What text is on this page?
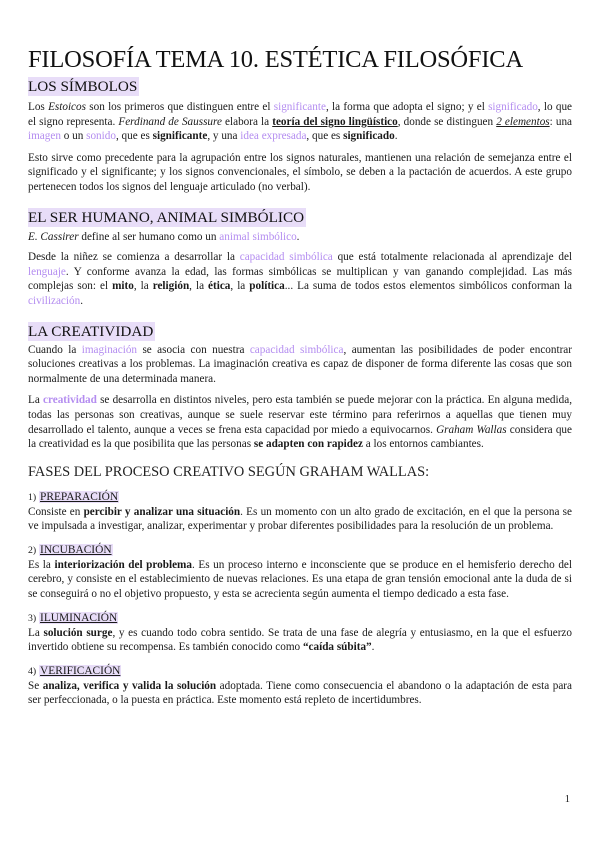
FILOSOFÍA TEMA 10. ESTÉTICA FILOSÓFICA
LOS SÍMBOLOS

Los Estoicos son los primeros que distinguen entre el significante, la forma que adopta el signo; y el significado, lo que el signo representa. Ferdinand de Saussure elabora la teoría del signo lingüístico, donde se distinguen 2 elementos: una imagen o un sonido, que es significante, y una idea expresada, que es significado.

Esto sirve como precedente para la agrupación entre los signos naturales, mantienen una relación de semejanza entre el significado y el significante; y los signos convencionales, el símbolo, se deben a la pactación de acuerdos. A este grupo pertenecen todos los signos del lenguaje articulado (no verbal).

EL SER HUMANO, ANIMAL SIMBÓLICO

E. Cassirer define al ser humano como un animal simbólico.

Desde la niñez se comienza a desarrollar la capacidad simbólica que está totalmente relacionada al aprendizaje del lenguaje. Y conforme avanza la edad, las formas simbólicas se multiplican y van ganando complejidad. Las más complejas son: el mito, la religión, la ética, la política... La suma de todos estos elementos simbólicos conforman la civilización.

LA CREATIVIDAD

Cuando la imaginación se asocia con nuestra capacidad simbólica, aumentan las posibilidades de poder encontrar soluciones creativas a los problemas. La imaginación creativa es capaz de disponer de forma diferente las cosas que son normalmente de una determinada manera.

La creatividad se desarrolla en distintos niveles, pero esta también se puede mejorar con la práctica. En alguna medida, todas las personas son creativas, aunque se suele reservar este término para referirnos a aquellas que tienen muy desarrollado el talento, aunque a veces se frena esta capacidad por miedo a equivocarnos. Graham Wallas considera que la creatividad es la que posibilita que las personas se adapten con rapidez a los entornos cambiantes.

FASES DEL PROCESO CREATIVO SEGÚN GRAHAM WALLAS:
1) PREPARACIÓN

Consiste en percibir y analizar una situación. Es un momento con un alto grado de excitación, en el que la persona se ve impulsada a investigar, analizar, experimentar y probar diferentes posibilidades para la resolución de un problema.

2) INCUBACIÓN

Es la interiorización del problema. Es un proceso interno e inconsciente que se produce en el hemisferio derecho del cerebro, y consiste en el establecimiento de nuevas relaciones. Es una etapa de gran tensión emocional ante la duda de si se conseguirá o no el objetivo propuesto, y esta se acrecienta según aumenta el tiempo dedicado a esta fase.

3) ILUMINACIÓN

La solución surge, y es cuando todo cobra sentido. Se trata de una fase de alegría y entusiasmo, en la que el esfuerzo invertido obtiene su recompensa. Es también conocido como “caída súbita”.

4) VERIFICACIÓN

Se analiza, verifica y valida la solución adoptada. Tiene como consecuencia el abandono o la adaptación de esta para ser perfeccionada, o la puesta en práctica. Este momento está repleto de incertidumbres.

1
